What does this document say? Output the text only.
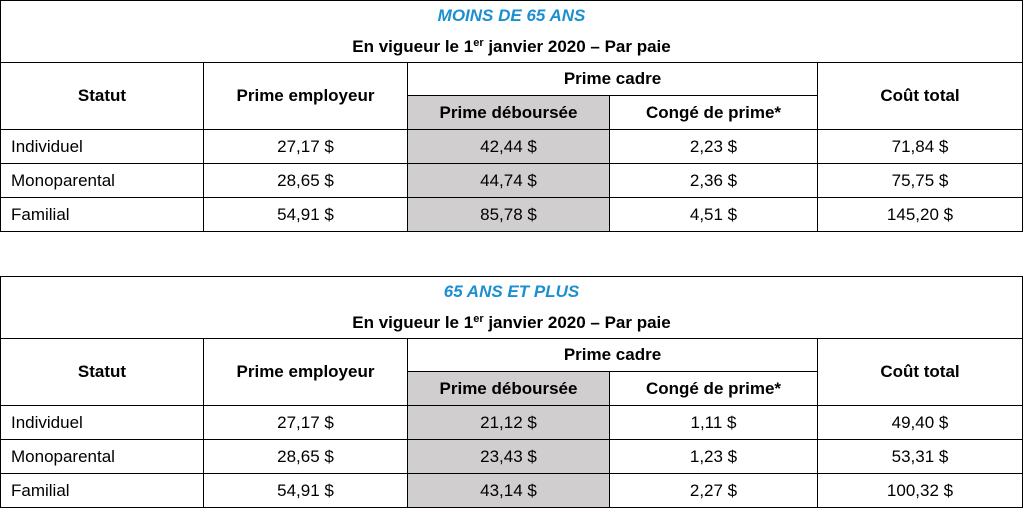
MOINS DE 65 ANS				
En vigueur le 1er janvier 2020 – Par paie				
Statut	Prime employeur	Prime cadre		Coût total
		Prime déboursée	Congé de prime*	
Individuel	27,17 $	42,44 $	2,23 $	71,84 $
Monoparental	28,65 $	44,74 $	2,36 $	75,75 $
Familial	54,91 $	85,78 $	4,51 $	145,20 $
65 ANS ET PLUS				
En vigueur le 1er janvier 2020 – Par paie				
Statut	Prime employeur	Prime cadre		Coût total
		Prime déboursée	Congé de prime*	
Individuel	27,17 $	21,12 $	1,11 $	49,40 $
Monoparental	28,65 $	23,43 $	1,23 $	53,31 $
Familial	54,91 $	43,14 $	2,27 $	100,32 $
